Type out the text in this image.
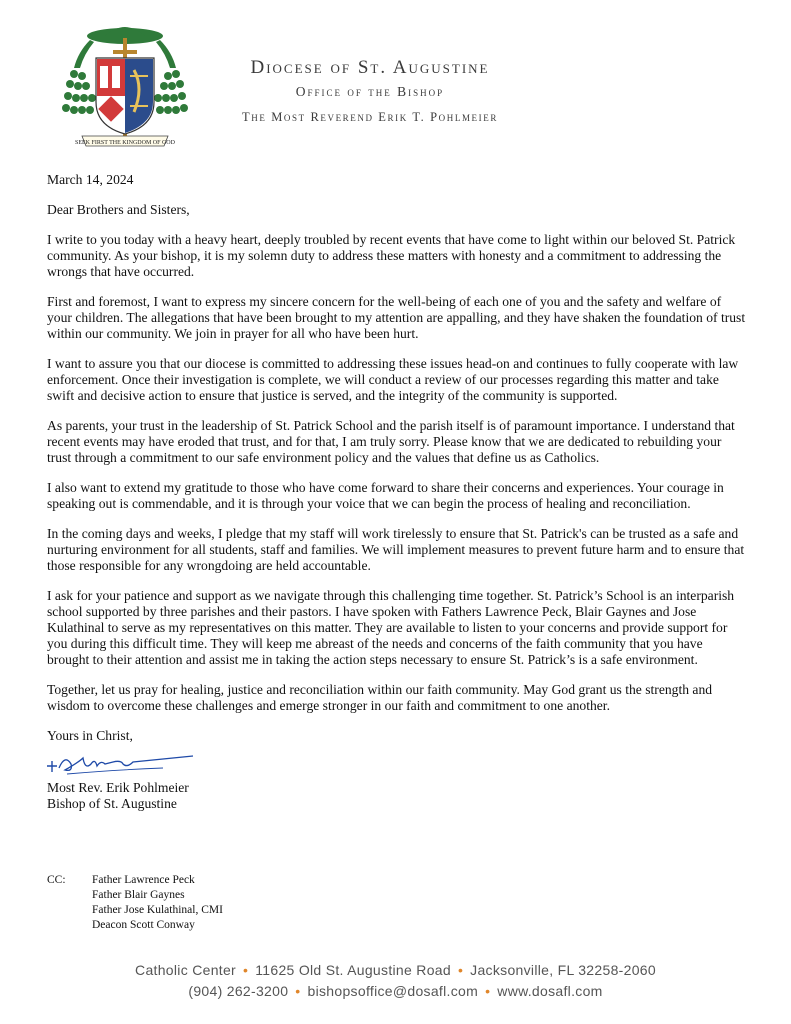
SEEK FIRST THE KINGDOM OF GOD
Diocese of St. Augustine
Office of the Bishop
The Most Reverend Erik T. Pohlmeier

March 14, 2024

Dear Brothers and Sisters,

I write to you today with a heavy heart, deeply troubled by recent events that have come to light within our beloved St. Patrick community. As your bishop, it is my solemn duty to address these matters with honesty and a commitment to addressing the wrongs that have occurred.

First and foremost, I want to express my sincere concern for the well-being of each one of you and the safety and welfare of your children. The allegations that have been brought to my attention are appalling, and they have shaken the foundation of trust within our community. We join in prayer for all who have been hurt.

I want to assure you that our diocese is committed to addressing these issues head-on and continues to fully cooperate with law enforcement. Once their investigation is complete, we will conduct a review of our processes regarding this matter and take swift and decisive action to ensure that justice is served, and the integrity of the community is supported.

As parents, your trust in the leadership of St. Patrick School and the parish itself is of paramount importance. I understand that recent events may have eroded that trust, and for that, I am truly sorry. Please know that we are dedicated to rebuilding your trust through a commitment to our safe environment policy and the values that define us as Catholics.

I also want to extend my gratitude to those who have come forward to share their concerns and experiences. Your courage in speaking out is commendable, and it is through your voice that we can begin the process of healing and reconciliation.

In the coming days and weeks, I pledge that my staff will work tirelessly to ensure that St. Patrick's can be trusted as a safe and nurturing environment for all students, staff and families. We will implement measures to prevent future harm and to ensure that those responsible for any wrongdoing are held accountable.

I ask for your patience and support as we navigate through this challenging time together. St. Patrick’s School is an interparish school supported by three parishes and their pastors. I have spoken with Fathers Lawrence Peck, Blair Gaynes and Jose Kulathinal to serve as my representatives on this matter. They are available to listen to your concerns and provide support for you during this difficult time. They will keep me abreast of the needs and concerns of the faith community that you have brought to their attention and assist me in taking the action steps necessary to ensure St. Patrick’s is a safe environment.

Together, let us pray for healing, justice and reconciliation within our faith community. May God grant us the strength and wisdom to overcome these challenges and emerge stronger in our faith and commitment to one another.

Yours in Christ,
Most Rev. Erik Pohlmeier
Bishop of St. Augustine
CC:	Father Lawrence Peck
Father Blair Gaynes
Father Jose Kulathinal, CMI
Deacon Scott Conway
Catholic Center • 11625 Old St. Augustine Road • Jacksonville, FL 32258-2060
(904) 262-3200 • bishopsoffice@dosafl.com • www.dosafl.com
